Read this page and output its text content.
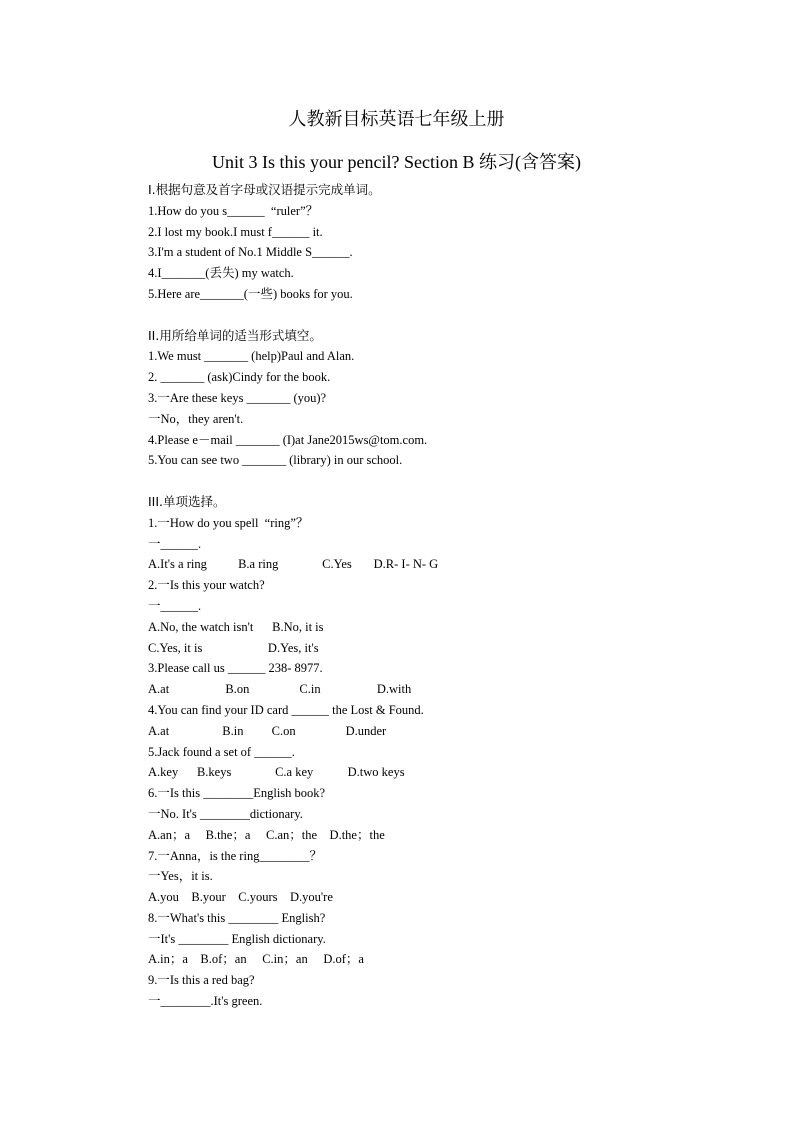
人教新目标英语七年级上册
Unit 3 Is this your pencil? Section B 练习(含答案)
I.根据句意及首字母或汉语提示完成单词。
1.How do you s______  “ruler”？
2.I lost my book.I must f______ it.
3.I'm a student of No.1 Middle S______.
4.I_______(丢失) my watch.
5.Here are_______(一些) books for you.
II.用所给单词的适当形式填空。
1.We must _______ (help)Paul and Alan.
2. _______ (ask)Cindy for the book.
3.一Are these keys _______ (you)?
一No，they aren't.
4.Please e－mail _______ (I)at Jane2015ws@tom.com.
5.You can see two _______ (library) in our school.
III.单项选择。
1.一How do you spell  “ring”？
一______.
A.It's a ring          B.a ring              C.Yes       D.R- I- N- G
2.一Is this your watch?
一______.
A.No, the watch isn't      B.No, it is
C.Yes, it is                     D.Yes, it's
3.Please call us ______ 238- 8977.
A.at                  B.on                C.in                  D.with
4.You can find your ID card ______ the Lost & Found.
A.at                 B.in         C.on                D.under
5.Jack found a set of ______.
A.key      B.keys              C.a key           D.two keys
6.一Is this ________English book?
一No. It's ________dictionary.
A.an；a     B.the；a     C.an；the    D.the；the
7.一Anna，is the ring________？
一Yes，it is.
A.you    B.your    C.yours    D.you're
8.一What's this ________ English?
一It's ________ English dictionary.
A.in；a    B.of；an     C.in；an     D.of；a
9.一Is this a red bag?
一________.It's green.
